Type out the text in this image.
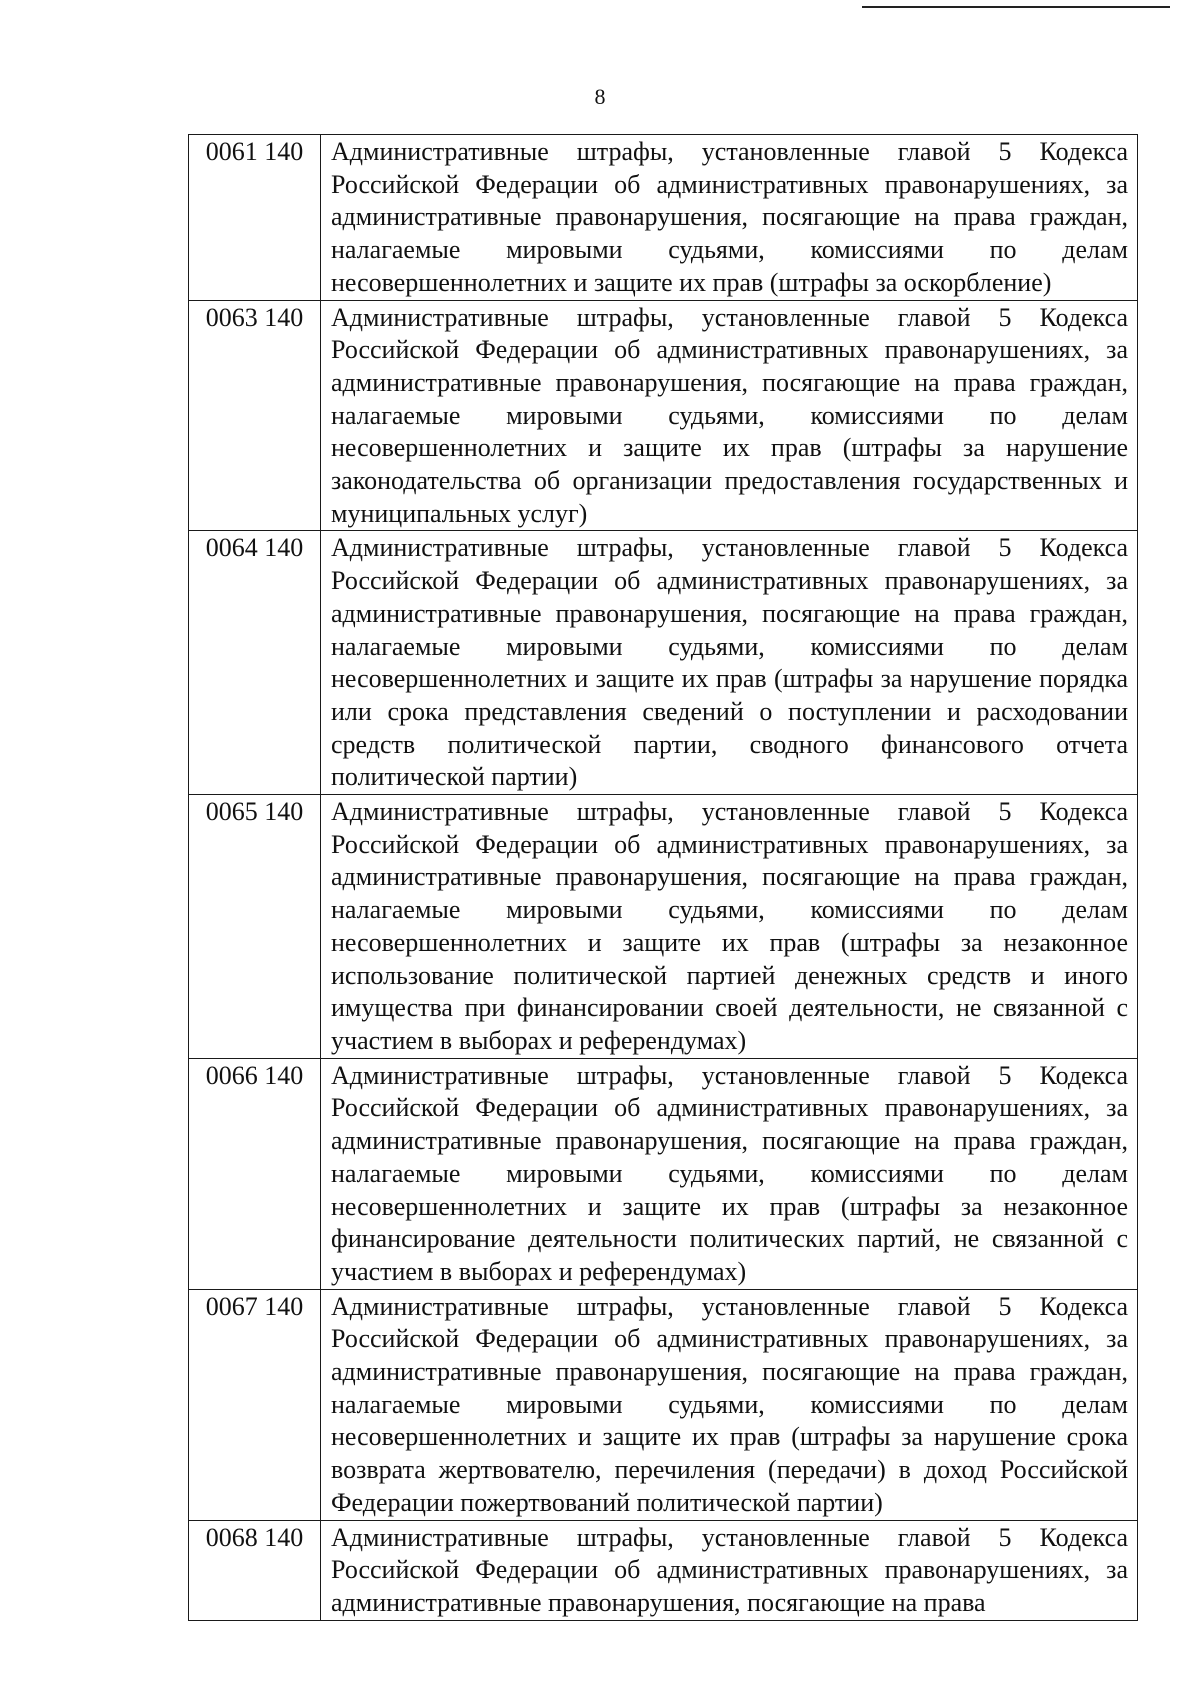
8
0061 140	Административные штрафы, установленные главой 5 Кодекса Российской Федерации об административных правонарушениях, за административные правонарушения, посягающие на права граждан, налагаемые мировыми судьями, комиссиями по делам несовершеннолетних и защите их прав (штрафы за оскорбление)
0063 140	Административные штрафы, установленные главой 5 Кодекса Российской Федерации об административных правонарушениях, за административные правонарушения, посягающие на права граждан, налагаемые мировыми судьями, комиссиями по делам несовершеннолетних и защите их прав (штрафы за нарушение законодательства об организации предоставления государственных и муниципальных услуг)
0064 140	Административные штрафы, установленные главой 5 Кодекса Российской Федерации об административных правонарушениях, за административные правонарушения, посягающие на права граждан, налагаемые мировыми судьями, комиссиями по делам несовершеннолетних и защите их прав (штрафы за нарушение порядка или срока представления сведений о поступлении и расходовании средств политической партии, сводного финансового отчета политической партии)
0065 140	Административные штрафы, установленные главой 5 Кодекса Российской Федерации об административных правонарушениях, за административные правонарушения, посягающие на права граждан, налагаемые мировыми судьями, комиссиями по делам несовершеннолетних и защите их прав (штрафы за незаконное использование политической партией денежных средств и иного имущества при финансировании своей деятельности, не связанной с участием в выборах и референдумах)
0066 140	Административные штрафы, установленные главой 5 Кодекса Российской Федерации об административных правонарушениях, за административные правонарушения, посягающие на права граждан, налагаемые мировыми судьями, комиссиями по делам несовершеннолетних и защите их прав (штрафы за незаконное финансирование деятельности политических партий, не связанной с участием в выборах и референдумах)
0067 140	Административные штрафы, установленные главой 5 Кодекса Российской Федерации об административных правонарушениях, за административные правонарушения, посягающие на права граждан, налагаемые мировыми судьями, комиссиями по делам несовершеннолетних и защите их прав (штрафы за нарушение срока возврата жертвователю, перечиления (передачи) в доход Российской Федерации пожертвований политической партии)
0068 140	Административные штрафы, установленные главой 5 Кодекса Российской Федерации об административных правонарушениях, за административные правонарушения, посягающие на права
